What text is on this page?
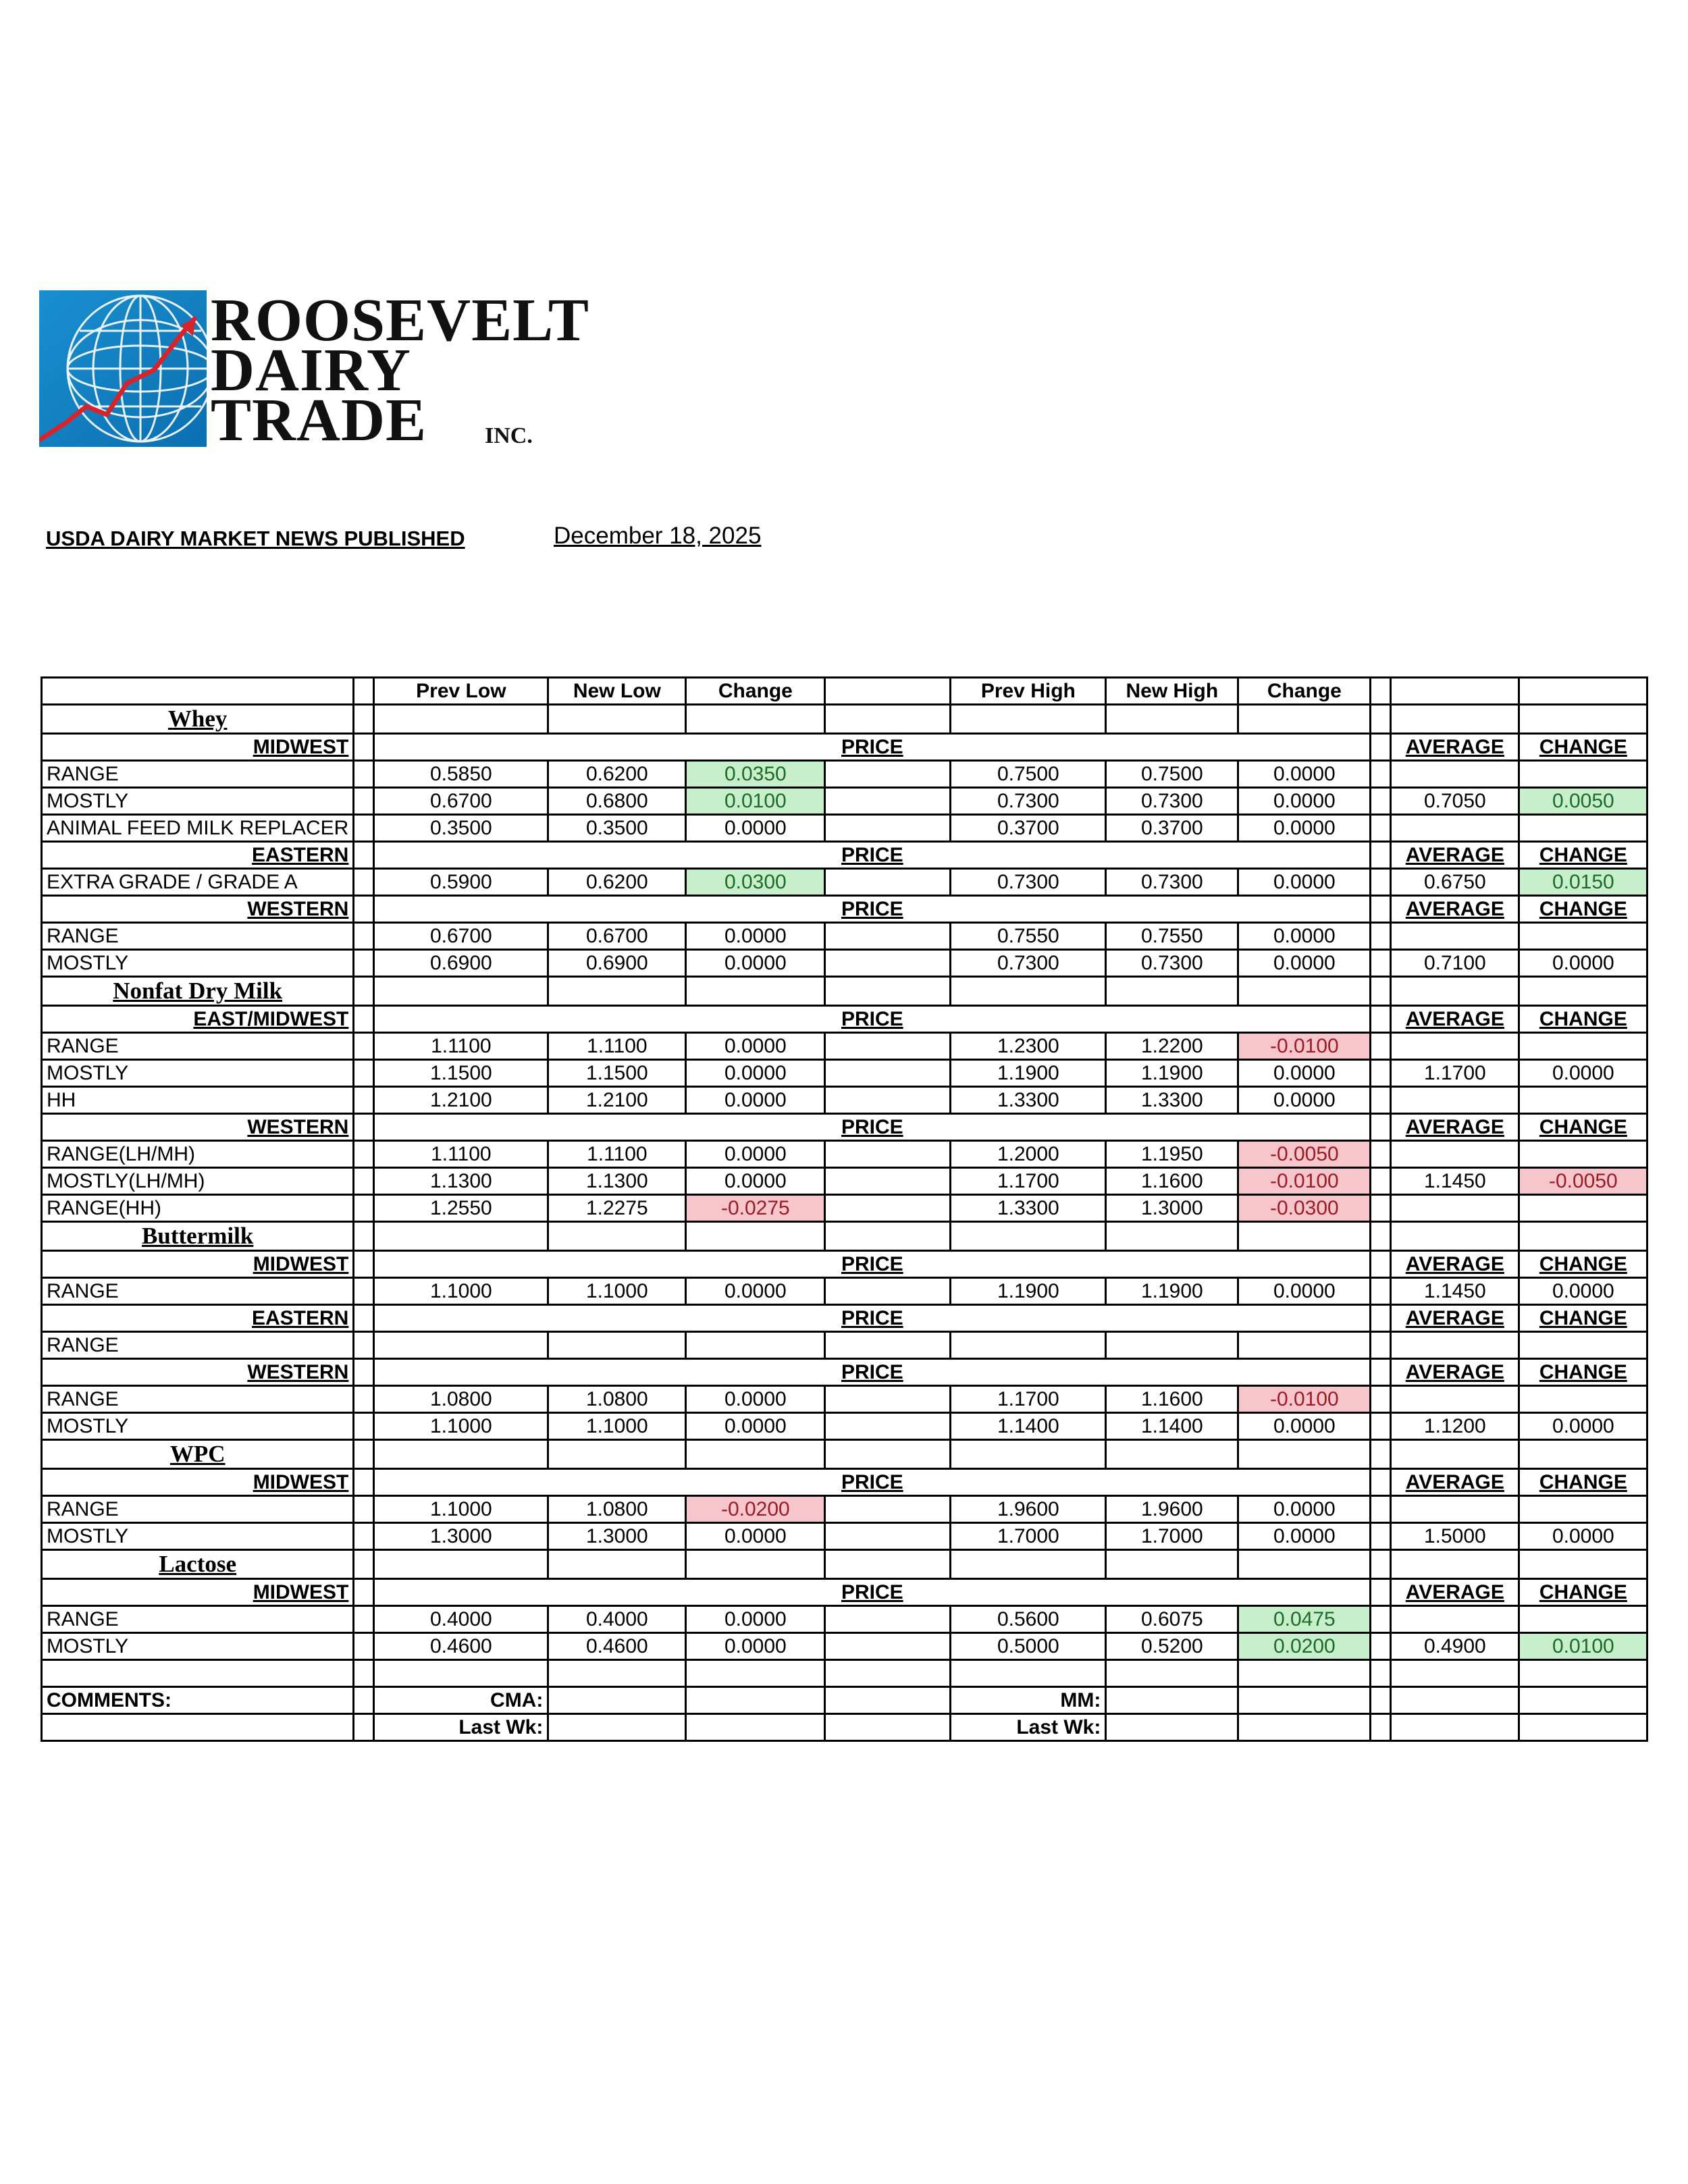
ROOSEVELT
DAIRY
TRADE	INC.
USDA DAIRY MARKET NEWS PUBLISHED	December 18, 2025
		Prev Low	New Low	Change		Prev High	New High	Change			
Whey											
MIDWEST		PRICE								AVERAGE	CHANGE
RANGE		0.5850	0.6200	0.0350		0.7500	0.7500	0.0000			
MOSTLY		0.6700	0.6800	0.0100		0.7300	0.7300	0.0000		0.7050	0.0050
ANIMAL FEED MILK REPLACER		0.3500	0.3500	0.0000		0.3700	0.3700	0.0000			
EASTERN		PRICE								AVERAGE	CHANGE
EXTRA GRADE / GRADE A		0.5900	0.6200	0.0300		0.7300	0.7300	0.0000		0.6750	0.0150
WESTERN		PRICE								AVERAGE	CHANGE
RANGE		0.6700	0.6700	0.0000		0.7550	0.7550	0.0000			
MOSTLY		0.6900	0.6900	0.0000		0.7300	0.7300	0.0000		0.7100	0.0000
Nonfat Dry Milk											
EAST/MIDWEST		PRICE								AVERAGE	CHANGE
RANGE		1.1100	1.1100	0.0000		1.2300	1.2200	-0.0100			
MOSTLY		1.1500	1.1500	0.0000		1.1900	1.1900	0.0000		1.1700	0.0000
HH		1.2100	1.2100	0.0000		1.3300	1.3300	0.0000			
WESTERN		PRICE								AVERAGE	CHANGE
RANGE(LH/MH)		1.1100	1.1100	0.0000		1.2000	1.1950	-0.0050			
MOSTLY(LH/MH)		1.1300	1.1300	0.0000		1.1700	1.1600	-0.0100		1.1450	-0.0050
RANGE(HH)		1.2550	1.2275	-0.0275		1.3300	1.3000	-0.0300			
Buttermilk											
MIDWEST		PRICE								AVERAGE	CHANGE
RANGE		1.1000	1.1000	0.0000		1.1900	1.1900	0.0000		1.1450	0.0000
EASTERN		PRICE								AVERAGE	CHANGE
RANGE											
WESTERN		PRICE								AVERAGE	CHANGE
RANGE		1.0800	1.0800	0.0000		1.1700	1.1600	-0.0100			
MOSTLY		1.1000	1.1000	0.0000		1.1400	1.1400	0.0000		1.1200	0.0000
WPC											
MIDWEST		PRICE								AVERAGE	CHANGE
RANGE		1.1000	1.0800	-0.0200		1.9600	1.9600	0.0000			
MOSTLY		1.3000	1.3000	0.0000		1.7000	1.7000	0.0000		1.5000	0.0000
Lactose											
MIDWEST		PRICE								AVERAGE	CHANGE
RANGE		0.4000	0.4000	0.0000		0.5600	0.6075	0.0475			
MOSTLY		0.4600	0.4600	0.0000		0.5000	0.5200	0.0200		0.4900	0.0100

COMMENTS:		CMA:				MM:					
		Last Wk:				Last Wk:					
